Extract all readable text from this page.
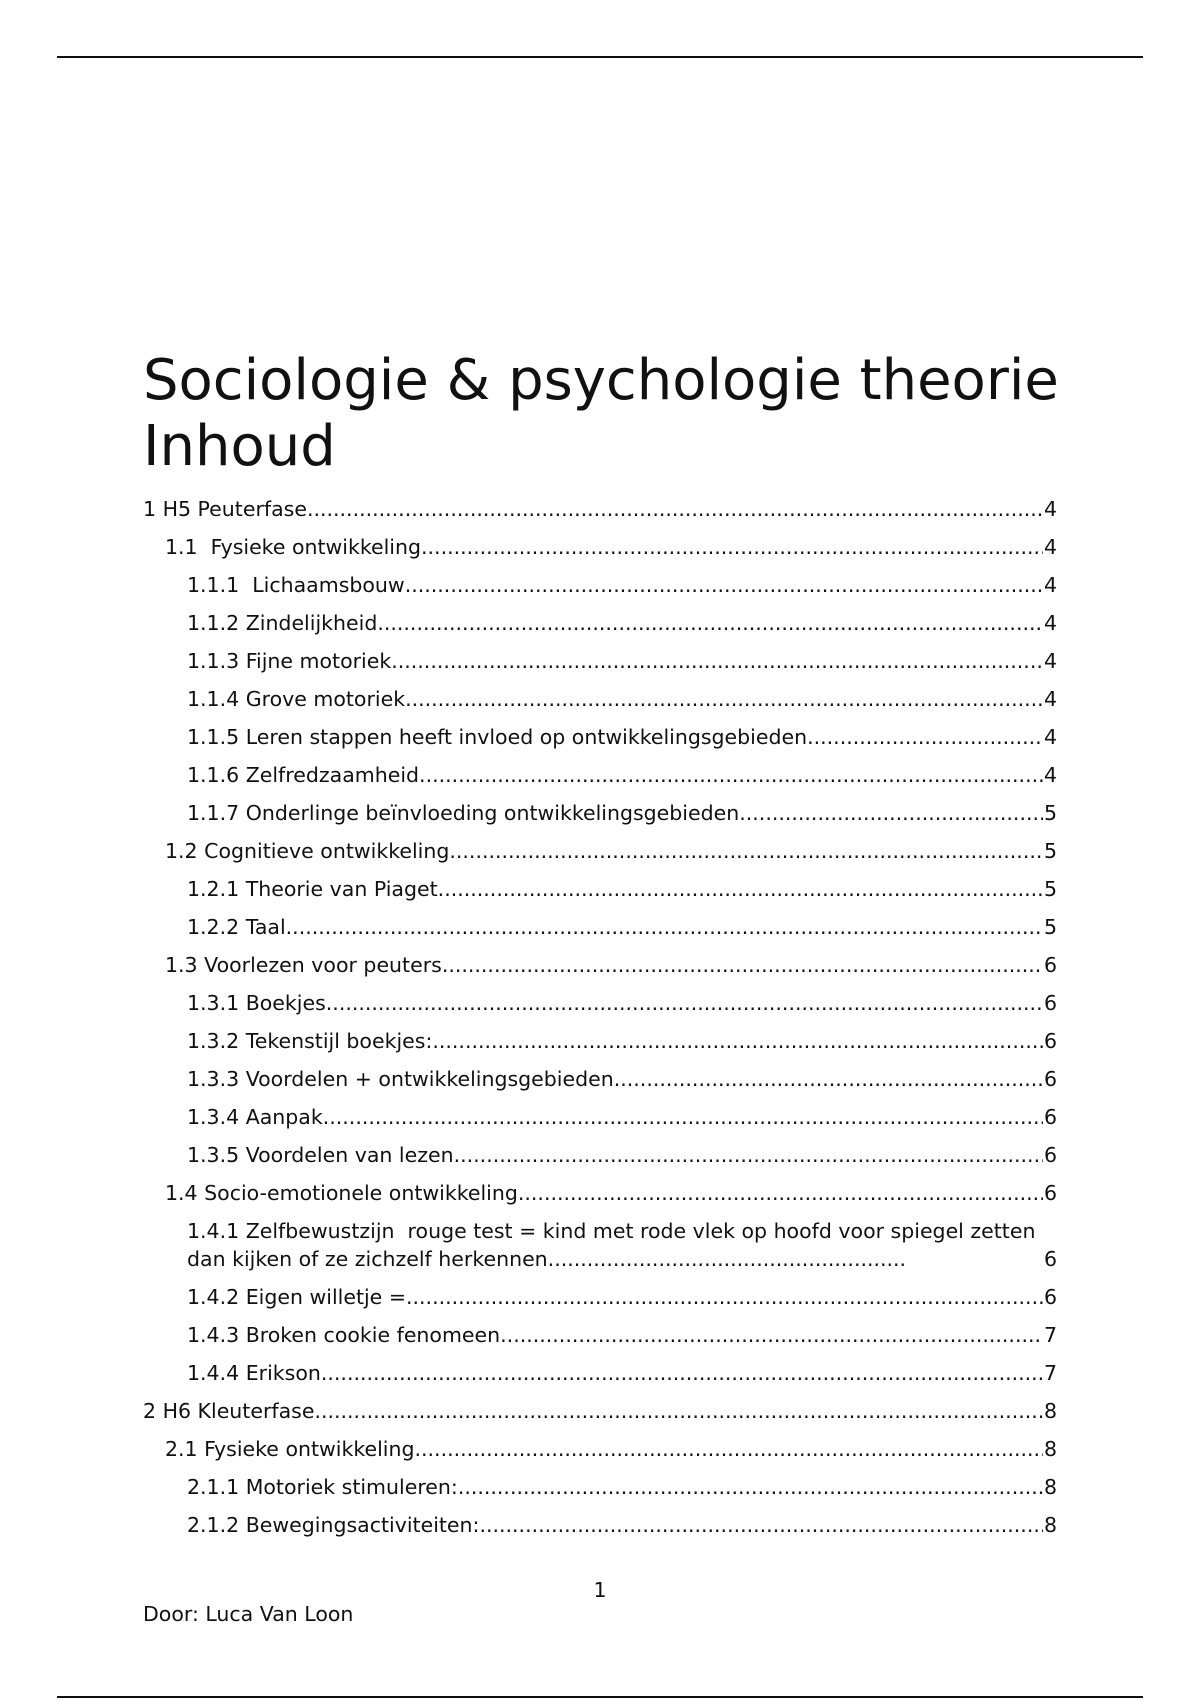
Sociologie & psychologie theorie
Inhoud
1 H5 Peuterfase .....	4
1.1  Fysieke ontwikkeling .....	4
1.1.1  Lichaamsbouw .....	4
1.1.2 Zindelijkheid .....	4
1.1.3 Fijne motoriek .....	4
1.1.4 Grove motoriek .....	4
1.1.5 Leren stappen heeft invloed op ontwikkelingsgebieden .....	4
1.1.6 Zelfredzaamheid .....	4
1.1.7 Onderlinge beïnvloeding ontwikkelingsgebieden .....	5
1.2 Cognitieve ontwikkeling .....	5
1.2.1 Theorie van Piaget .....	5
1.2.2 Taal .....	5
1.3 Voorlezen voor peuters .....	6
1.3.1 Boekjes .....	6
1.3.2 Tekenstijl boekjes: .....	6
1.3.3 Voordelen + ontwikkelingsgebieden .....	6
1.3.4 Aanpak .....	6
1.3.5 Voordelen van lezen .....	6
1.4 Socio-emotionele ontwikkeling .....	6
1.4.1 Zelfbewustzijn  rouge test = kind met rode vlek op hoofd voor spiegel zetten dan kijken of ze zichzelf herkennen .....	6
1.4.2 Eigen willetje = .....	6
1.4.3 Broken cookie fenomeen .....	7
1.4.4 Erikson .....	7
2 H6 Kleuterfase .....	8
2.1 Fysieke ontwikkeling .....	8
2.1.1 Motoriek stimuleren: .....	8
2.1.2 Bewegingsactiviteiten: .....	8
1
Door: Luca Van Loon
